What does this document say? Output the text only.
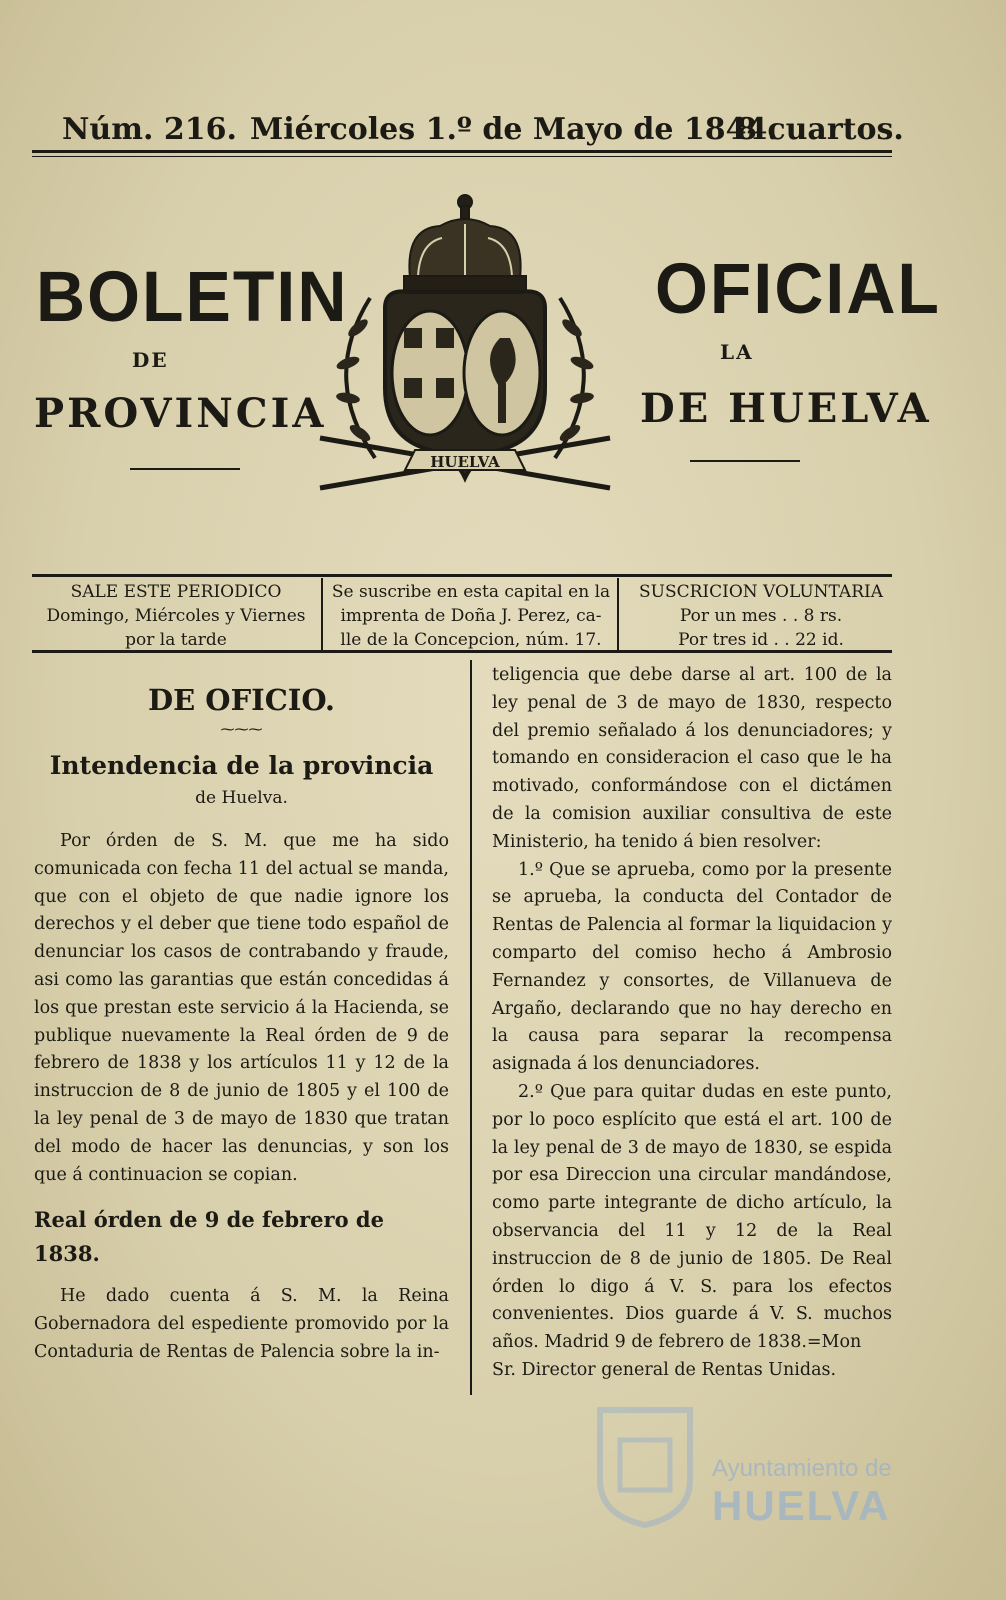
Núm. 216. Miércoles 1.º de Mayo de 1844.
8 cuartos.
BOLETIN	OFICIAL
DE	LA
PROVINCIA	DE HUELVA
HUELVA
SALE ESTE PERIODICO
Domingo, Miércoles y Viernes
por la tarde
Se suscribe en esta capital en la
imprenta de Doña J. Perez, ca-
lle de la Concepcion, núm. 17.
SUSCRICION VOLUNTARIA
Por un mes . . 8 rs.
Por tres id . . 22 id.
DE OFICIO.
⁓⁓⁓
Intendencia de la provincia
de Huelva.

Por órden de S. M. que me ha sido comunicada con fecha 11 del actual se manda, que con el objeto de que nadie ignore los derechos y el deber que tiene todo español de denunciar los casos de contrabando y fraude, asi como las garantias que están concedidas á los que prestan este servicio á la Hacienda, se publique nuevamente la Real órden de 9 de febrero de 1838 y los artículos 11 y 12 de la instruccion de 8 de junio de 1805 y el 100 de la ley penal de 3 de mayo de 1830 que tratan del modo de hacer las denuncias, y son los que á continuacion se copian.

Real órden de 9 de febrero de 1838.

He dado cuenta á S. M. la Reina Gobernadora del espediente promovido por la Contaduria de Rentas de Palencia sobre la in-

teligencia que debe darse al art. 100 de la ley penal de 3 de mayo de 1830, respecto del premio señalado á los denunciadores; y tomando en consideracion el caso que le ha motivado, conformándose con el dictámen de la comision auxiliar consultiva de este Ministerio, ha tenido á bien resolver:

1.º Que se aprueba, como por la presente se aprueba, la conducta del Contador de Rentas de Palencia al formar la liquidacion y comparto del comiso hecho á Ambrosio Fernandez y consortes, de Villanueva de Argaño, declarando que no hay derecho en la causa para separar la recompensa asignada á los denunciadores.

2.º Que para quitar dudas en este punto, por lo poco esplícito que está el art. 100 de la ley penal de 3 de mayo de 1830, se espida por esa Direccion una circular mandándose, como parte integrante de dicho artículo, la observancia del 11 y 12 de la Real instruccion de 8 de junio de 1805. De Real órden lo digo á V. S. para los efectos convenientes. Dios guarde á V. S. muchos años. Madrid 9 de febrero de 1838.=Mon

Sr. Director general de Rentas Unidas.

Ayuntamiento de
HUELVA
